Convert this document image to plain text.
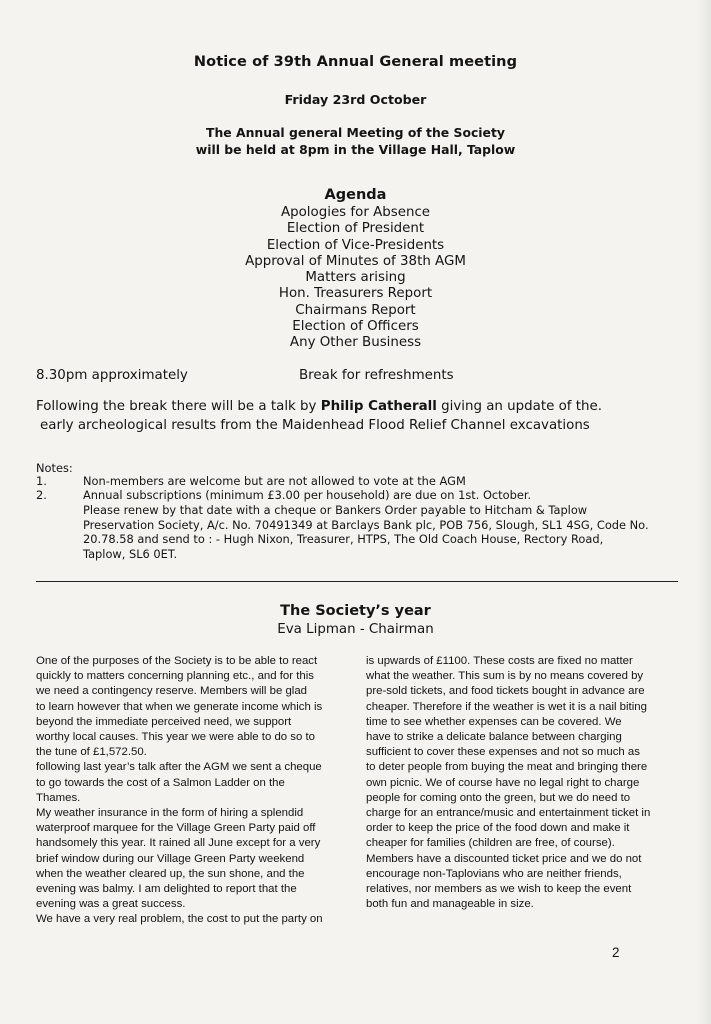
Notice of 39th Annual General meeting
Friday 23rd October
The Annual general Meeting of the Society
will be held at 8pm in the Village Hall, Taplow
Agenda
Apologies for Absence
Election of President
Election of Vice-Presidents
Approval of Minutes of 38th AGM
Matters arising
Hon. Treasurers Report
Chairmans Report
Election of Officers
Any Other Business
8.30pm approximately	Break for refreshments
Following the break there will be a talk by Philip Catherall giving an update of the.
early archeological results from the Maidenhead Flood Relief Channel excavations
Notes:
1.	Non-members are welcome but are not allowed to vote at the AGM
2.	Annual subscriptions (minimum £3.00 per household) are due on 1st. October.
Please renew by that date with a cheque or Bankers Order payable to Hitcham & Taplow
Preservation Society, A/c. No. 70491349 at Barclays Bank plc, POB 756, Slough, SL1 4SG, Code No.
20.78.58 and send to : - Hugh Nixon, Treasurer, HTPS, The Old Coach House, Rectory Road,
Taplow, SL6 0ET.
The Society’s year
Eva Lipman - Chairman

One of the purposes of the Society is to be able to react

quickly to matters concerning planning etc., and for this

we need a contingency reserve. Members will be glad

to learn however that when we generate income which is

beyond the immediate perceived need, we support

worthy local causes. This year we were able to do so to

the tune of £1,572.50.

following last year’s talk after the AGM we sent a cheque

to go towards the cost of a Salmon Ladder on the

Thames.

My weather insurance in the form of hiring a splendid

waterproof marquee for the Village Green Party paid off

handsomely this year. It rained all June except for a very

brief window during our Village Green Party weekend

when the weather cleared up, the sun shone, and the

evening was balmy. I am delighted to report that the

evening was a great success.

We have a very real problem, the cost to put the party on

is upwards of £1100. These costs are fixed no matter

what the weather. This sum is by no means covered by

pre-sold tickets, and food tickets bought in advance are

cheaper. Therefore if the weather is wet it is a nail biting

time to see whether expenses can be covered. We

have to strike a delicate balance between charging

sufficient to cover these expenses and not so much as

to deter people from buying the meat and bringing there

own picnic. We of course have no legal right to charge

people for coming onto the green, but we do need to

charge for an entrance/music and entertainment ticket in

order to keep the price of the food down and make it

cheaper for families (children are free, of course).

Members have a discounted ticket price and we do not

encourage non-Taplovians who are neither friends,

relatives, nor members as we wish to keep the event

both fun and manageable in size.

2
